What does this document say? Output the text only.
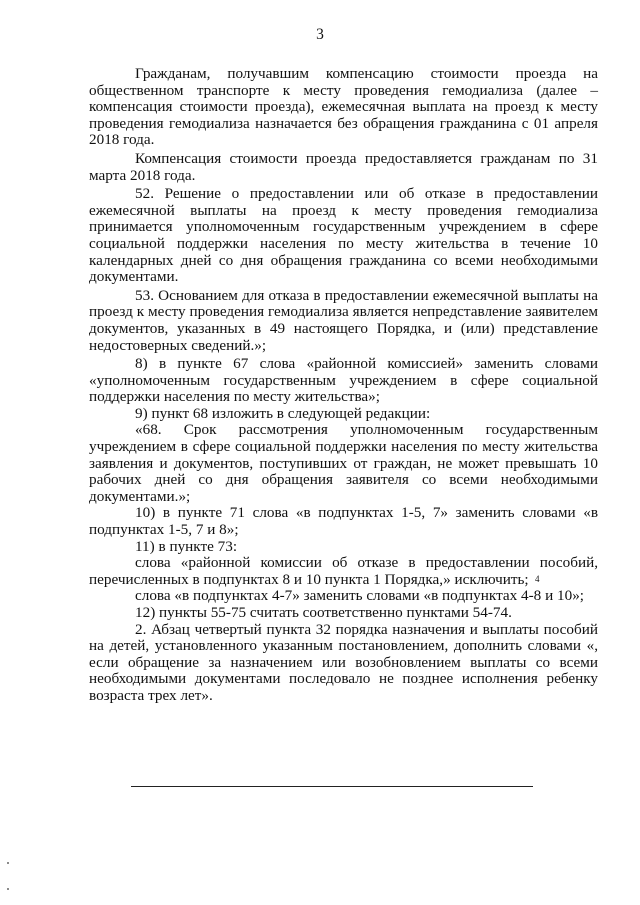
3

Гражданам, получавшим компенсацию стоимости проезда на общественном транспорте к месту проведения гемодиализа (далее – компенсация стоимости проезда), ежемесячная выплата на проезд к месту проведения гемодиализа назначается без обращения гражданина с 01 апреля 2018 года.

Компенсация стоимости проезда предоставляется гражданам по 31 марта 2018 года.

52. Решение о предоставлении или об отказе в предоставлении ежемесячной выплаты на проезд к месту проведения гемодиализа принимается уполномоченным государственным учреждением в сфере социальной поддержки населения по месту жительства в течение 10 календарных дней со дня обращения гражданина со всеми необходимыми документами.

53. Основанием для отказа в предоставлении ежемесячной выплаты на проезд к месту проведения гемодиализа является непредставление заявителем документов, указанных в 49 настоящего Порядка, и (или) представление недостоверных сведений.»;

8) в пункте 67 слова «районной комиссией» заменить словами «уполномоченным государственным учреждением в сфере социальной поддержки населения по месту жительства»;

9) пункт 68 изложить в следующей редакции:

«68. Срок рассмотрения уполномоченным государственным учреждением в сфере социальной поддержки населения по месту жительства заявления и документов, поступивших от граждан, не может превышать 10 рабочих дней со дня обращения заявителя со всеми необходимыми документами.»;

10) в пункте 71 слова «в подпунктах 1-5, 7» заменить словами «в подпунктах 1-5, 7 и 8»;

11) в пункте 73:

слова «районной комиссии об отказе в предоставлении пособий, перечисленных в подпунктах 8 и 10 пункта 1 Порядка,» исключить;

слова «в подпунктах 4-7» заменить словами «в подпунктах 4-8 и 10»;

12) пункты 55-75 считать соответственно пунктами 54-74.

2. Абзац четвертый пункта 32 порядка назначения и выплаты пособий на детей, установленного указанным постановлением, дополнить словами «, если обращение за назначением или возобновлением выплаты со всеми необходимыми документами последовало не позднее исполнения ребенку возраста трех лет».

4
